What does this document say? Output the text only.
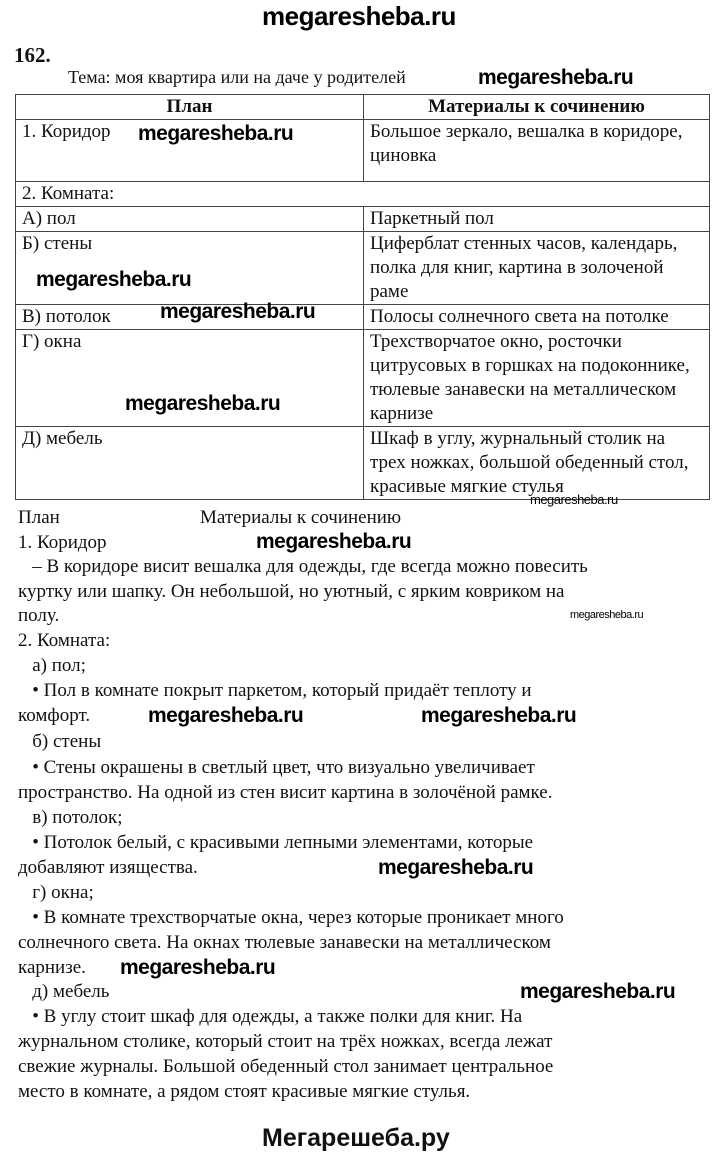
megaresheba.ru
162.
Тема: моя квартира или на даче у родителей
План	Материалы к сочинению
1. Коридор	Большое зеркало, вешалка в коридоре, циновка
2. Комната:	
А) пол	Паркетный пол
Б) стены	Циферблат стенных часов, календарь, полка для книг, картина в золоченой раме
В) потолок	Полосы солнечного света на потолке
Г) окна	Трехстворчатое окно, росточки цитрусовых в горшках на подоконнике, тюлевые занавески на металлическом карнизе
Д) мебель	Шкаф в углу, журнальный столик на трех ножках, большой обеденный стол, красивые мягкие стулья
План	Материалы к сочинению
1. Коридор
– В коридоре висит вешалка для одежды, где всегда можно повесить
куртку или шапку. Он небольшой, но уютный, с ярким ковриком на
полу.
2. Комната:
а) пол;
• Пол в комнате покрыт паркетом, который придаёт теплоту и
комфорт.
б) стены
• Стены окрашены в светлый цвет, что визуально увеличивает
пространство. На одной из стен висит картина в золочёной рамке.
в) потолок;
• Потолок белый, с красивыми лепными элементами, которые
добавляют изящества.
г) окна;
• В комнате трехстворчатые окна, через которые проникает много
солнечного света. На окнах тюлевые занавески на металлическом
карнизе.
д) мебель
• В углу стоит шкаф для одежды, а также полки для книг. На
журнальном столике, который стоит на трёх ножках, всегда лежат
свежие журналы. Большой обеденный стол занимает центральное
место в комнате, а рядом стоят красивые мягкие стулья.
Мегарешеба.ру
megaresheba.ru
megaresheba.ru
megaresheba.ru
megaresheba.ru
megaresheba.ru
megaresheba.ru
megaresheba.ru
megaresheba.ru
megaresheba.ru	megaresheba.ru
megaresheba.ru
megaresheba.ru
megaresheba.ru
